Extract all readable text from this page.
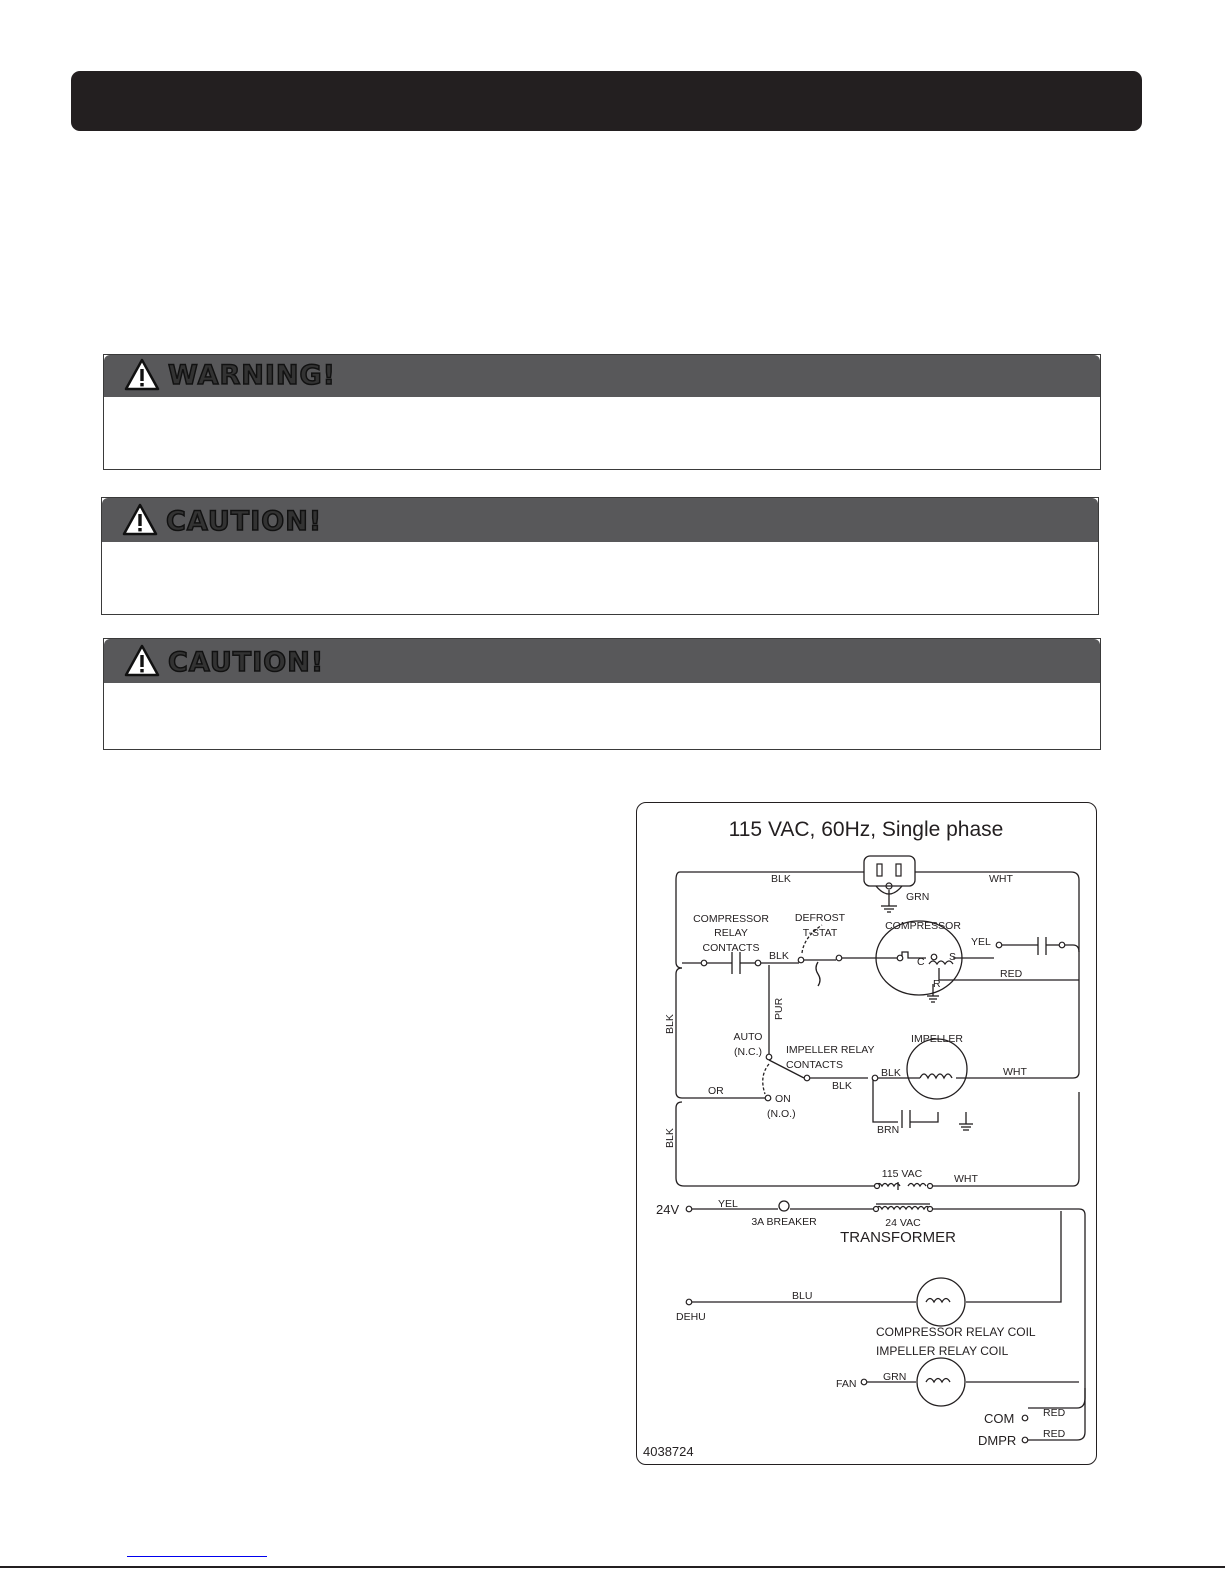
WARNING!
CAUTION!
CAUTION!
115 VAC, 60Hz, Single phase
4038724
BLK	WHT
GRN
COMPRESSOR
RELAY
CONTACTS
DEFROST
T-STAT
COMPRESSOR
BLK
YEL
RED
C S
R
PUR
BLK
AUTO
(N.C.) IMPELLER RELAY
CONTACTS
IMPELLER
BLK
BLK
WHT
OR
ON
(N.O.)
BRN
BLK
115 VAC	WHT
24V	YEL
3A BREAKER	24 VAC
TRANSFORMER
BLU
DEHU
COMPRESSOR RELAY COIL
IMPELLER RELAY COIL
GRN
FAN
COM	RED
DMPR	RED
